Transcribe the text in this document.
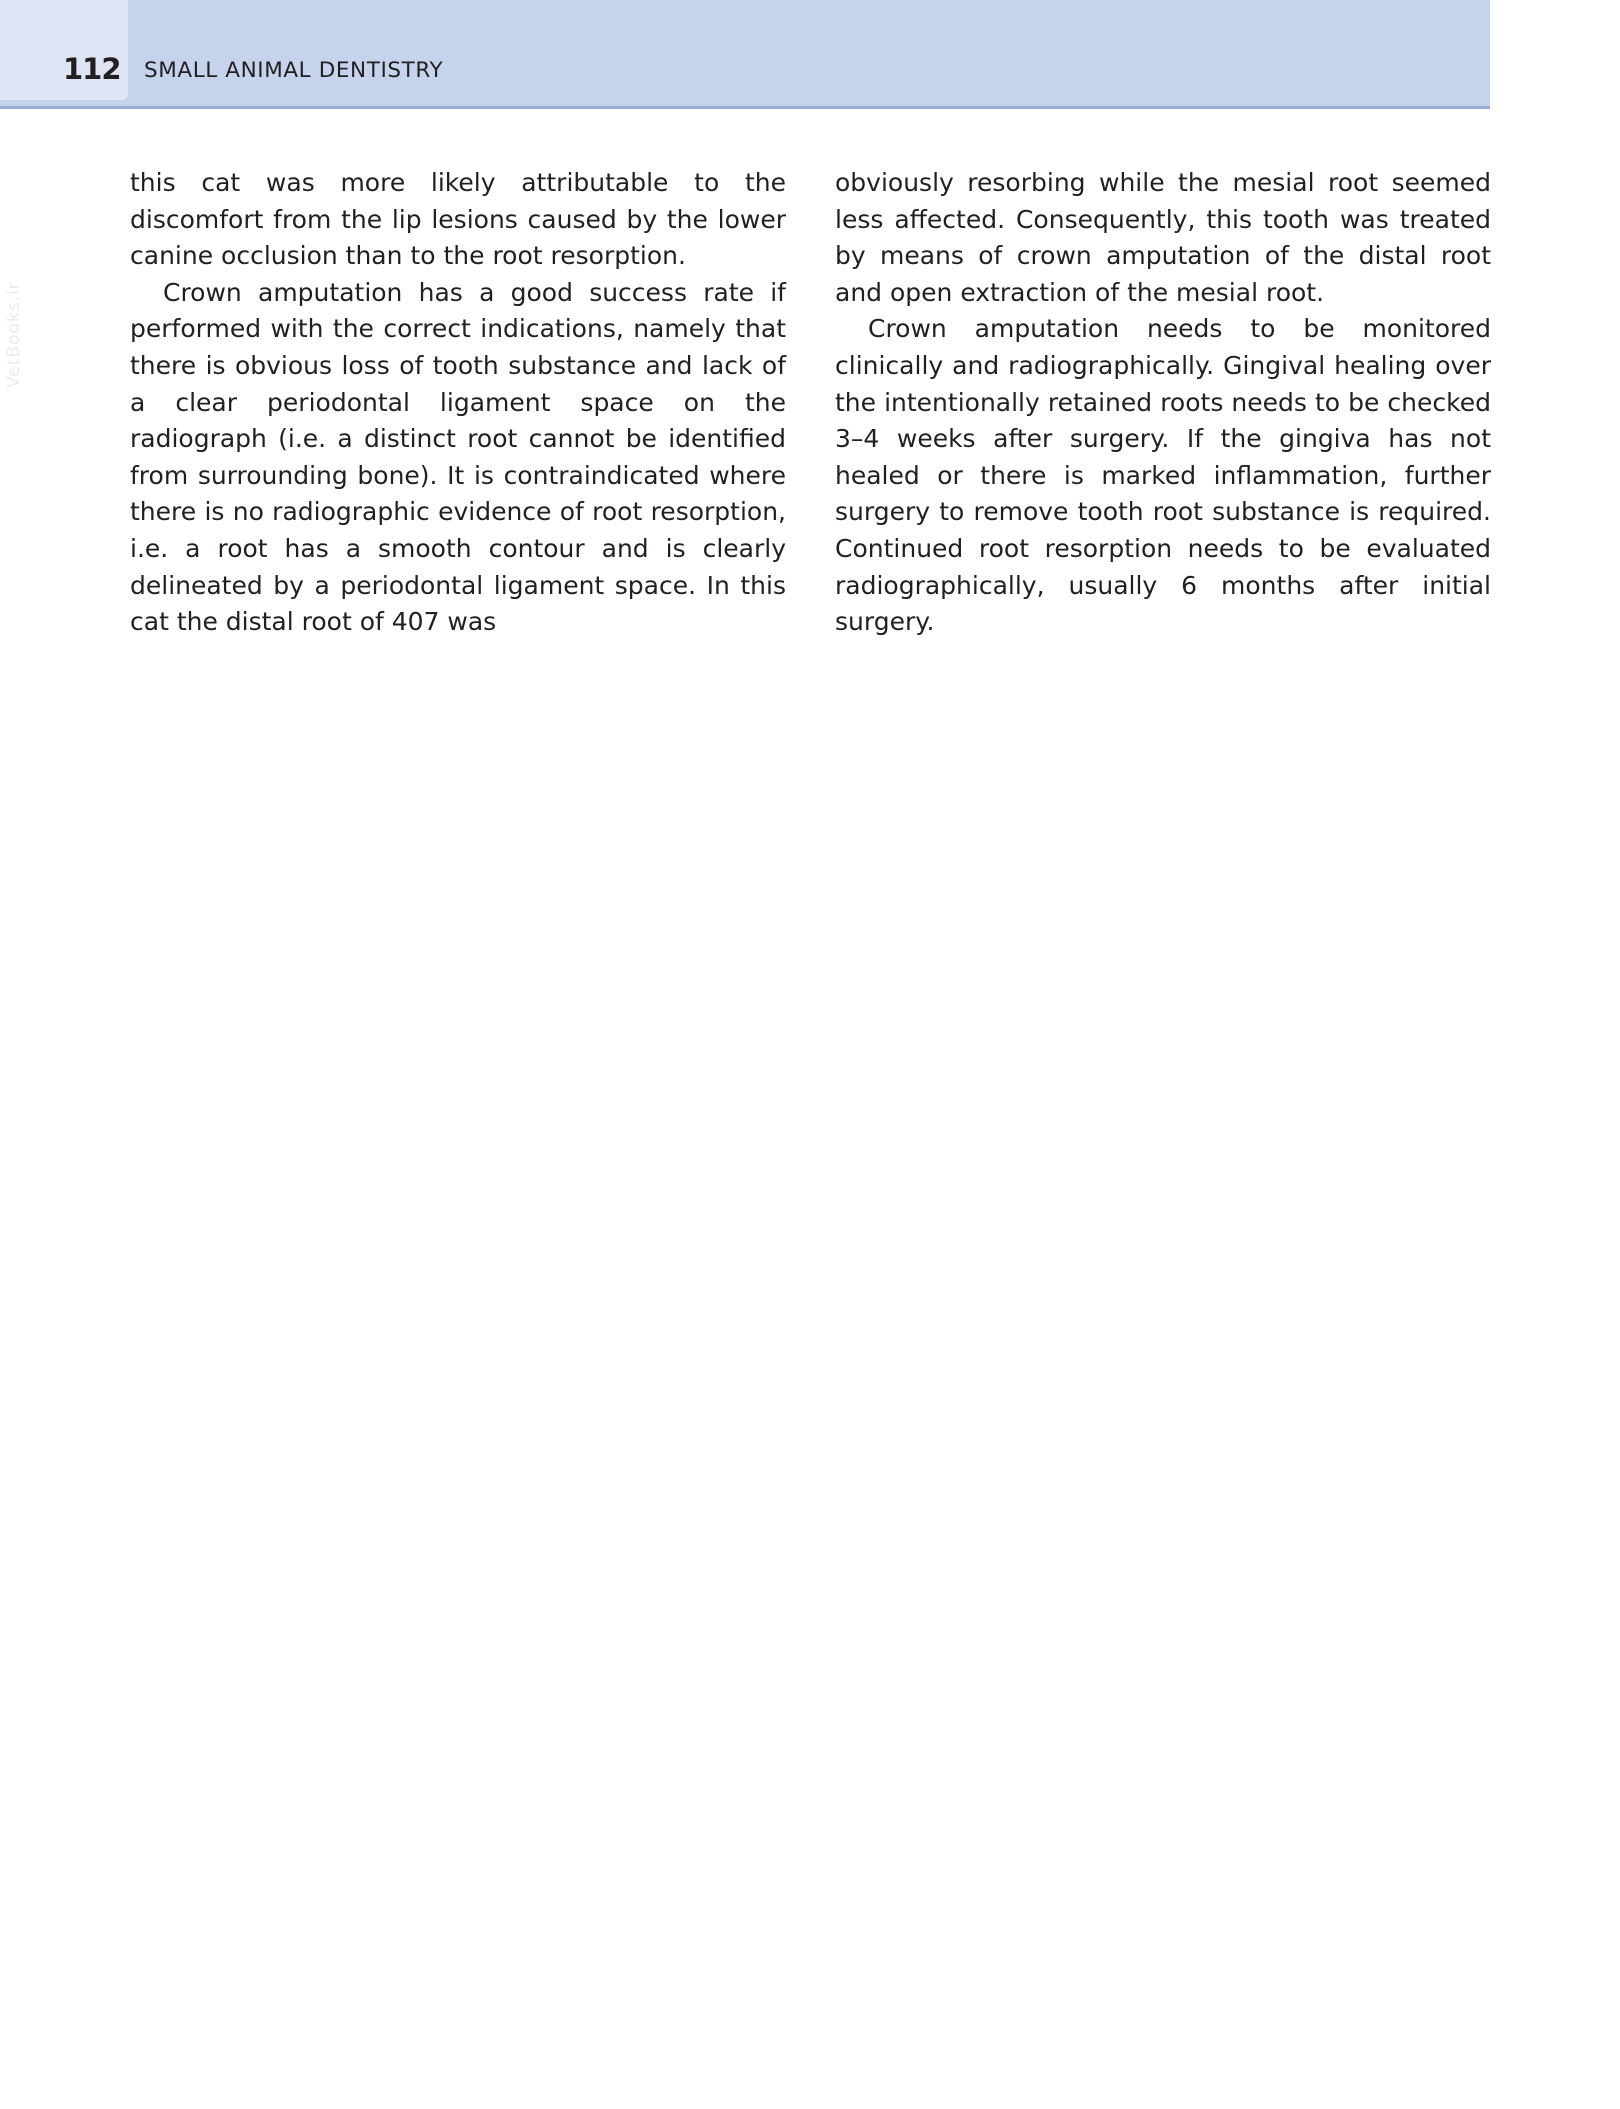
112 SMALL ANIMAL DENTISTRY
VetBooks.ir

this cat was more likely attributable to the discomfort from the lip lesions caused by the lower canine occlusion than to the root resorption.

Crown amputation has a good success rate if performed with the correct indications, namely that there is obvious loss of tooth substance and lack of a clear periodontal ligament space on the radiograph (i.e. a distinct root cannot be identified from surrounding bone). It is contraindicated where there is no radiographic evidence of root resorption, i.e. a root has a smooth contour and is clearly delineated by a periodontal ligament space. In this cat the distal root of 407 was

obviously resorbing while the mesial root seemed less affected. Consequently, this tooth was treated by means of crown amputation of the distal root and open extraction of the mesial root.

Crown amputation needs to be monitored clinically and radiographically. Gingival healing over the intentionally retained roots needs to be checked 3–4 weeks after surgery. If the gingiva has not healed or there is marked inflammation, further surgery to remove tooth root substance is required. Continued root resorption needs to be evaluated radiographically, usually 6 months after initial surgery.
